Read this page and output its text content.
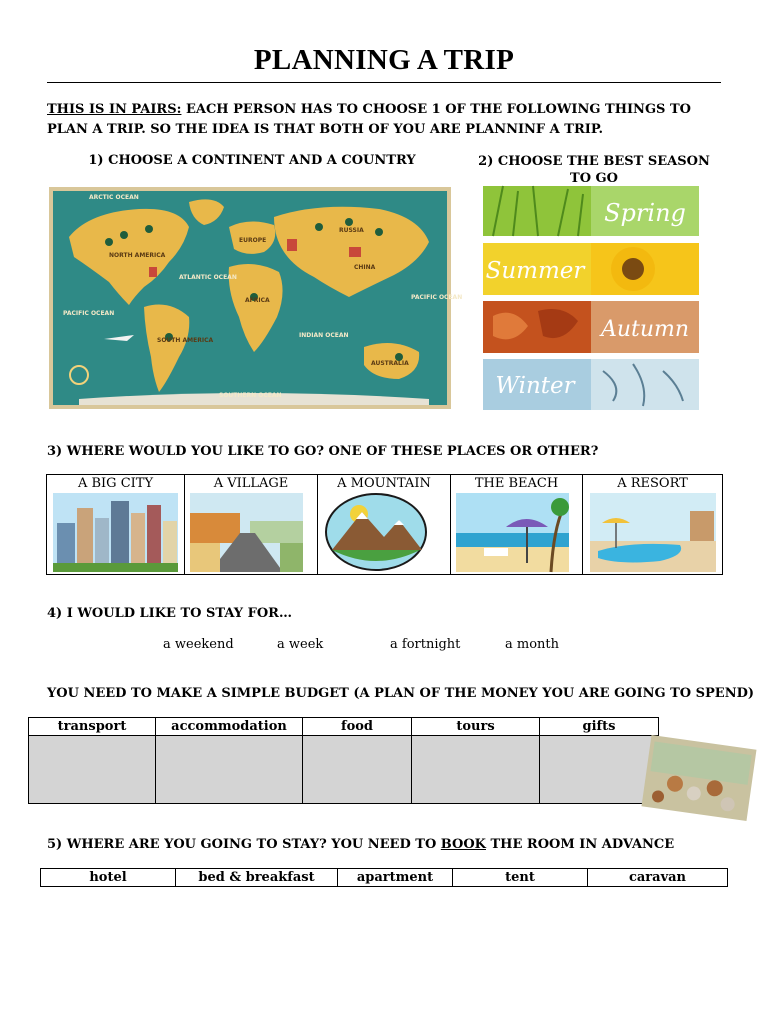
PLANNING A TRIP
THIS IS IN PAIRS: EACH PERSON HAS TO CHOOSE 1 OF THE FOLLOWING THINGS TO PLAN A TRIP. SO THE IDEA IS THAT BOTH OF YOU ARE PLANNINF A TRIP.
1) CHOOSE A CONTINENT AND A COUNTRY
ARCTIC OCEAN
NORTH AMERICA
ATLANTIC OCEAN
PACIFIC OCEAN
SOUTH AMERICA
EUROPE
RUSSIA
CHINA
AFRICA
INDIAN OCEAN
AUSTRALIA
PACIFIC OCEAN
SOUTHERN OCEAN
2) CHOOSE THE BEST SEASON TO GO
Spring
Summer
Autumn
Winter
3) WHERE WOULD YOU LIKE TO GO? ONE OF THESE PLACES OR OTHER?
A BIG CITY	A VILLAGE	A MOUNTAIN	THE BEACH	A RESORT
4) I WOULD LIKE TO STAY FOR…
a weekend	a week	a fortnight	a month
YOU NEED TO MAKE A SIMPLE BUDGET (A PLAN OF THE MONEY YOU ARE GOING TO SPEND)
transport	accommodation	food	tours	gifts

5) WHERE ARE YOU GOING TO STAY? YOU NEED TO BOOK THE ROOM IN ADVANCE
hotel	bed & breakfast	apartment	tent	caravan
